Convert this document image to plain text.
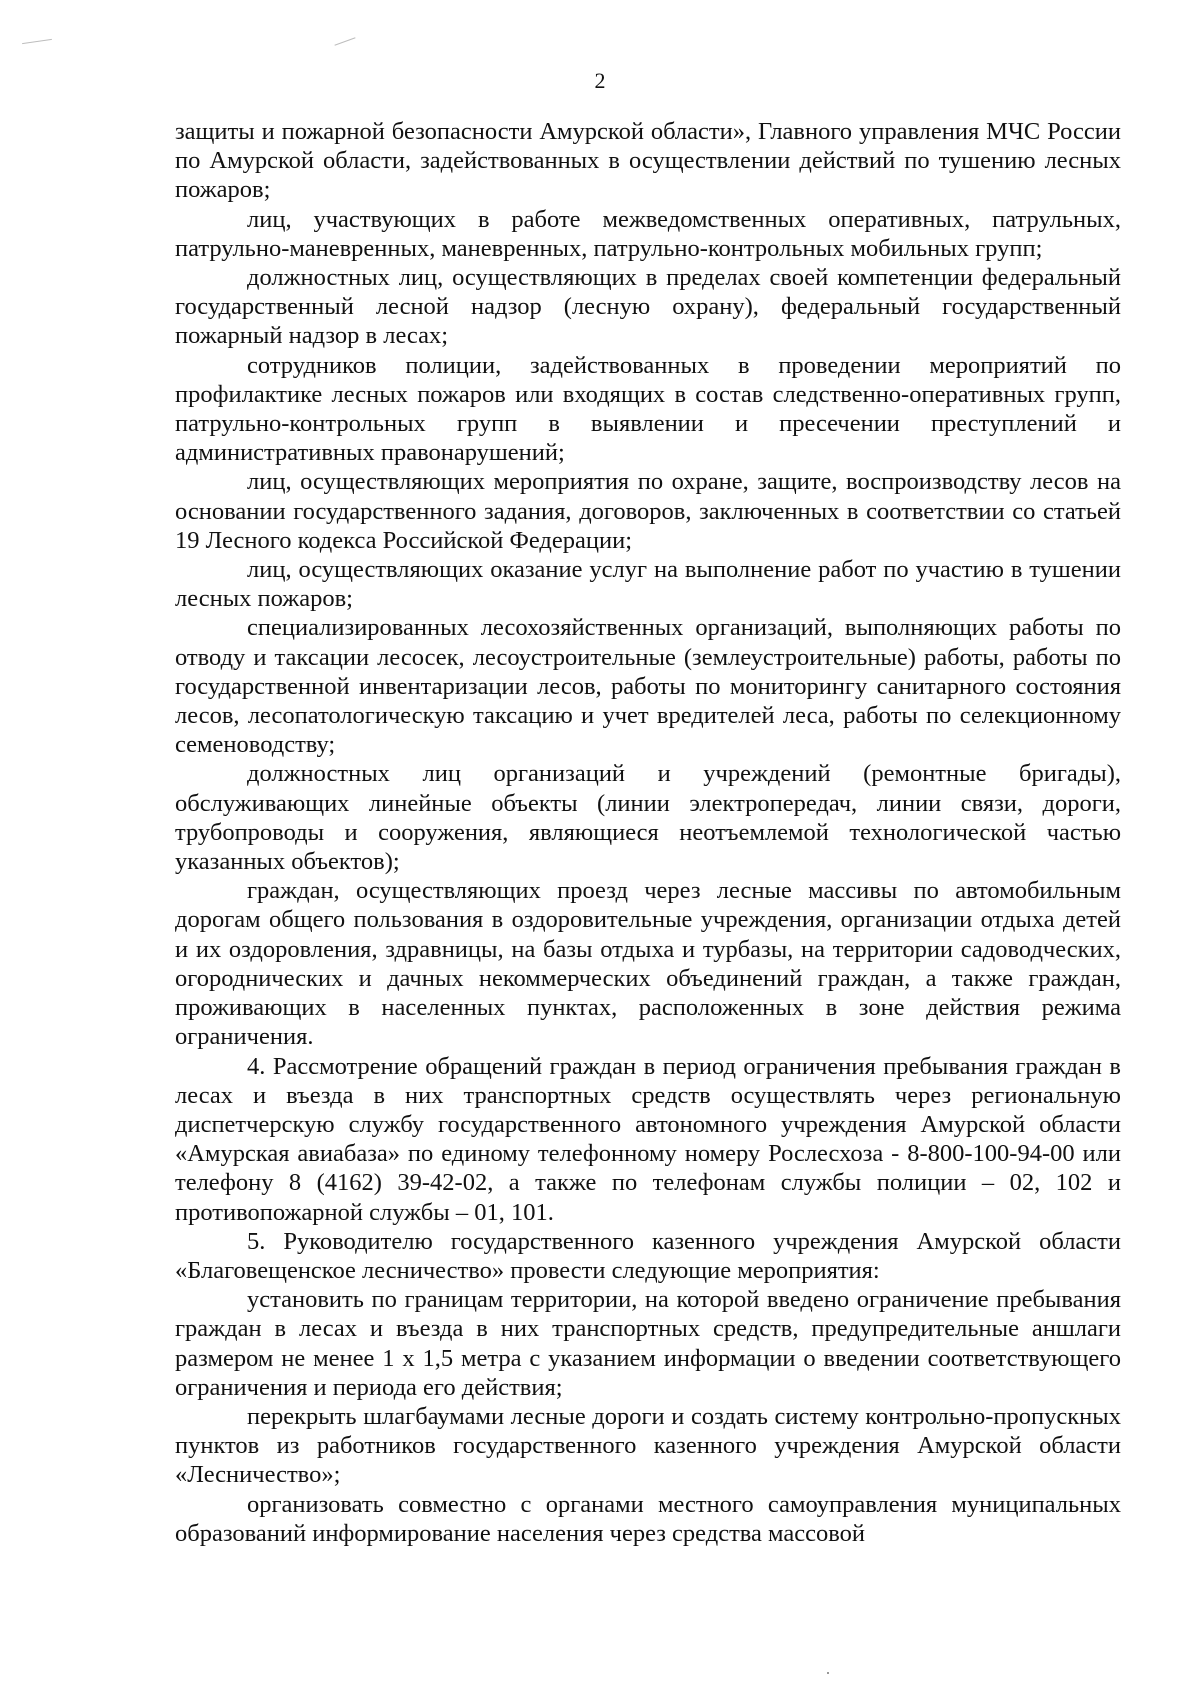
2

защиты и пожарной безопасности Амурской области», Главного управления МЧС России по Амурской области, задействованных в осуществлении действий по тушению лесных пожаров;

лиц, участвующих в работе межведомственных оперативных, патрульных, патрульно-маневренных, маневренных, патрульно-контрольных мобильных групп;

должностных лиц, осуществляющих в пределах своей компетенции федеральный государственный лесной надзор (лесную охрану), федеральный государственный пожарный надзор в лесах;

сотрудников полиции, задействованных в проведении мероприятий по профилактике лесных пожаров или входящих в состав следственно-оперативных групп, патрульно-контрольных групп в выявлении и пресечении преступлений и административных правонарушений;

лиц, осуществляющих мероприятия по охране, защите, воспроизводству лесов на основании государственного задания, договоров, заключенных в соответствии со статьей 19 Лесного кодекса Российской Федерации;

лиц, осуществляющих оказание услуг на выполнение работ по участию в тушении лесных пожаров;

специализированных лесохозяйственных организаций, выполняющих работы по отводу и таксации лесосек, лесоустроительные (землеустроительные) работы, работы по государственной инвентаризации лесов, работы по мониторингу санитарного состояния лесов, лесопатологическую таксацию и учет вредителей леса, работы по селекционному семеноводству;

должностных лиц организаций и учреждений (ремонтные бригады), обслуживающих линейные объекты (линии электропередач, линии связи, дороги, трубопроводы и сооружения, являющиеся неотъемлемой технологической частью указанных объектов);

граждан, осуществляющих проезд через лесные массивы по автомобильным дорогам общего пользования в оздоровительные учреждения, организации отдыха детей и их оздоровления, здравницы, на базы отдыха и турбазы, на территории садоводческих, огороднических и дачных некоммерческих объединений граждан, а также граждан, проживающих в населенных пунктах, расположенных в зоне действия режима ограничения.

4. Рассмотрение обращений граждан в период ограничения пребывания граждан в лесах и въезда в них транспортных средств осуществлять через региональную диспетчерскую службу государственного автономного учреждения Амурской области «Амурская авиабаза» по единому телефонному номеру Рослесхоза - 8-800-100-94-00 или телефону 8 (4162) 39-42-02, а также по телефонам службы полиции – 02, 102 и противопожарной службы – 01, 101.

5. Руководителю государственного казенного учреждения Амурской области «Благовещенское лесничество» провести следующие мероприятия:

установить по границам территории, на которой введено ограничение пребывания граждан в лесах и въезда в них транспортных средств, предупредительные аншлаги размером не менее 1 х 1,5 метра с указанием информации о введении соответствующего ограничения и периода его действия;

перекрыть шлагбаумами лесные дороги и создать систему контрольно-пропускных пунктов из работников государственного казенного учреждения Амурской области «Лесничество»;

организовать совместно с органами местного самоуправления муниципальных образований информирование населения через средства массовой
